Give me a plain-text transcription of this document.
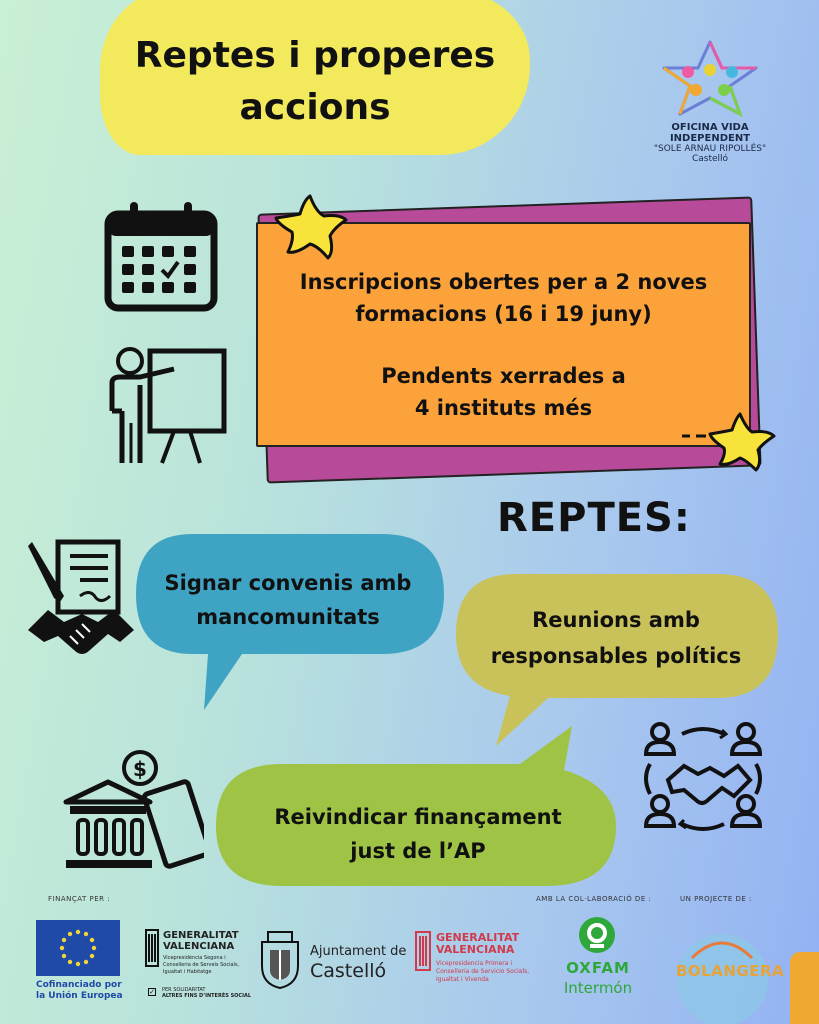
Reptes i properes
accions	OFICINA VIDA INDEPENDENT
"SOLE ARNAU RIPOLLÉS"
Castelló
Inscripcions obertes per a 2 noves
formacions (16 i 19 juny)
Pendents xerrades a
4 instituts més
REPTES:
Signar convenis amb
mancomunitats	Reunions amb
responsables polítics
Reivindicar finançament
just de l’AP
$
FINANÇAT PER :	AMB LA COL·LABORACIÓ DE :	UN PROJECTE DE :
Cofinanciado por
la Unión Europea
GENERALITAT
VALENCIANA
Vicepresidència Segona i
Conselleria de Serveis Socials,
Igualtat i Habitatge
PER SOLIDARITAT
ALTRES FINS D’INTERÈS SOCIAL
✓
Ajuntament de
Castelló
GENERALITAT
VALENCIANA
Vicepresidencia Primera i
Conselleria de Servicio Socials,
Igualtat i Vivenda
OXFAM
Intermón
BOLANGERA
